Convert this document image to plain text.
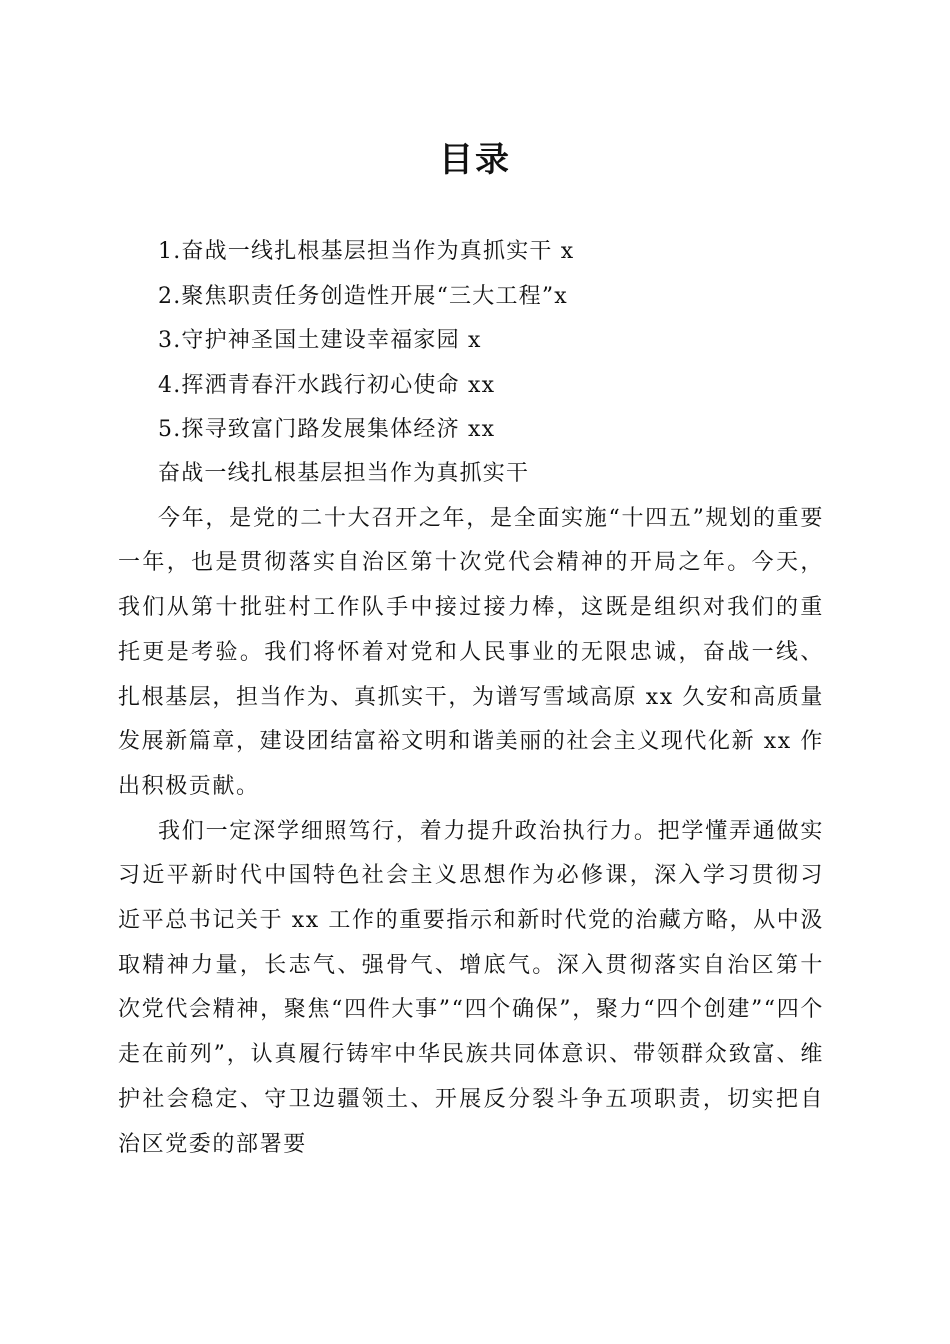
目录
1.奋战一线扎根基层担当作为真抓实干 x
2.聚焦职责任务创造性开展“三大工程”x
3.守护神圣国土建设幸福家园 x
4.挥洒青春汗水践行初心使命 xx
5.探寻致富门路发展集体经济 xx

奋战一线扎根基层担当作为真抓实干

今年，是党的二十大召开之年，是全面实施“十四五”规划的重要一年，也是贯彻落实自治区第十次党代会精神的开局之年。今天，我们从第十批驻村工作队手中接过接力棒，这既是组织对我们的重托更是考验。我们将怀着对党和人民事业的无限忠诚，奋战一线、扎根基层，担当作为、真抓实干，为谱写雪域高原 xx 久安和高质量发展新篇章，建设团结富裕文明和谐美丽的社会主义现代化新 xx 作出积极贡献。

我们一定深学细照笃行，着力提升政治执行力。把学懂弄通做实习近平新时代中国特色社会主义思想作为必修课，深入学习贯彻习近平总书记关于 xx 工作的重要指示和新时代党的治藏方略，从中汲取精神力量，长志气、强骨气、增底气。深入贯彻落实自治区第十次党代会精神，聚焦“四件大事”“四个确保”，聚力“四个创建”“四个走在前列”，认真履行铸牢中华民族共同体意识、带领群众致富、维护社会稳定、守卫边疆领土、开展反分裂斗争五项职责，切实把自治区党委的部署要
